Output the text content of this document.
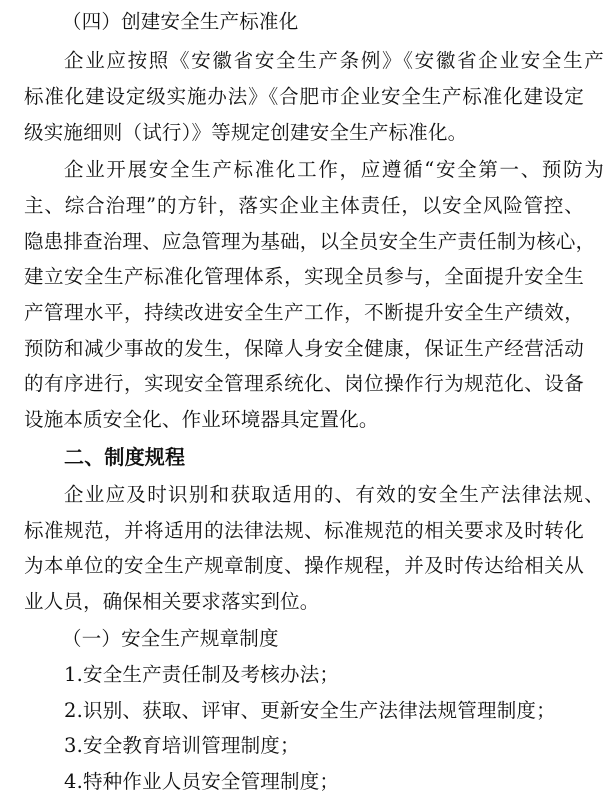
（四）创建安全生产标准化
企业应按照《安徽省安全生产条例》《安徽省企业安全生产
标准化建设定级实施办法》《合肥市企业安全生产标准化建设定
级实施细则（试行）》等规定创建安全生产标准化。
企业开展安全生产标准化工作，应遵循“安全第一、预防为
主、综合治理”的方针，落实企业主体责任，以安全风险管控、
隐患排查治理、应急管理为基础，以全员安全生产责任制为核心，
建立安全生产标准化管理体系，实现全员参与，全面提升安全生
产管理水平，持续改进安全生产工作，不断提升安全生产绩效，
预防和减少事故的发生，保障人身安全健康，保证生产经营活动
的有序进行，实现安全管理系统化、岗位操作行为规范化、设备
设施本质安全化、作业环境器具定置化。
二、制度规程
企业应及时识别和获取适用的、有效的安全生产法律法规、
标准规范，并将适用的法律法规、标准规范的相关要求及时转化
为本单位的安全生产规章制度、操作规程，并及时传达给相关从
业人员，确保相关要求落实到位。
（一）安全生产规章制度
1.安全生产责任制及考核办法；
2.识别、获取、评审、更新安全生产法律法规管理制度；
3.安全教育培训管理制度；
4.特种作业人员安全管理制度；
